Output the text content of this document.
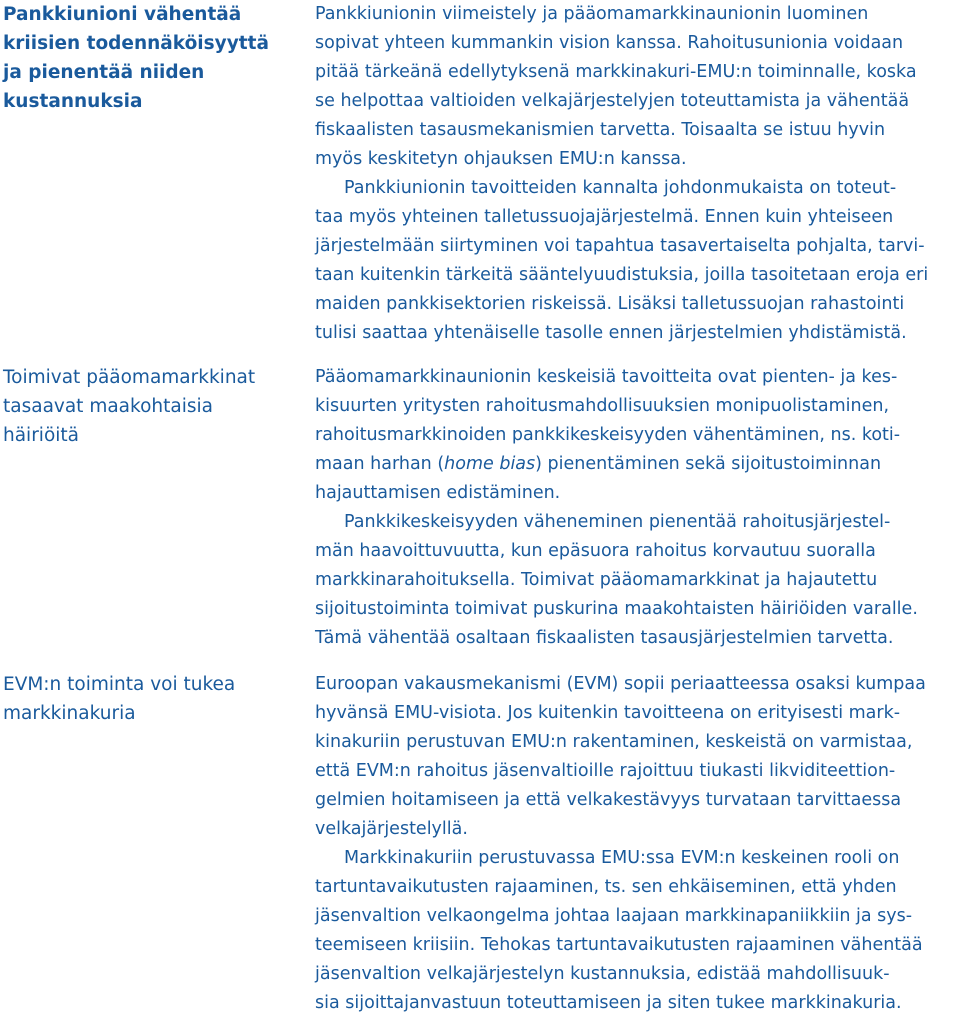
Pankkiunioni vähentää
kriisien todennäköisyyttä
ja pienentää niiden
kustannuksia

Pankkiunionin viimeistely ja pääomamarkkinaunionin luominen
sopivat yhteen kummankin vision kanssa. Rahoitusunionia voidaan
pitää tärkeänä edellytyksenä markkinakuri-EMU:n toiminnalle, koska
se helpottaa valtioiden velkajärjestelyjen toteuttamista ja vähentää
fiskaalisten tasausmekanismien tarvetta. Toisaalta se istuu hyvin
myös keskitetyn ohjauksen EMU:n kanssa.

Pankkiunionin tavoitteiden kannalta johdonmukaista on toteut-
taa myös yhteinen talletussuojajärjestelmä. Ennen kuin yhteiseen
järjestelmään siirtyminen voi tapahtua tasavertaiselta pohjalta, tarvi-
taan kuitenkin tärkeitä sääntelyuudistuksia, joilla tasoitetaan eroja eri
maiden pankkisektorien riskeissä. Lisäksi talletussuojan rahastointi
tulisi saattaa yhtenäiselle tasolle ennen järjestelmien yhdistämistä.

Toimivat pääomamarkkinat
tasaavat maakohtaisia
häiriöitä

Pääomamarkkinaunionin keskeisiä tavoitteita ovat pienten- ja kes-
kisuurten yritysten rahoitusmahdollisuuksien monipuolistaminen,
rahoitusmarkkinoiden pankkikeskeisyyden vähentäminen, ns. koti-
maan harhan (home bias) pienentäminen sekä sijoitustoiminnan
hajauttamisen edistäminen.

Pankkikeskeisyyden väheneminen pienentää rahoitusjärjestel-
män haavoittuvuutta, kun epäsuora rahoitus korvautuu suoralla
markkinarahoituksella. Toimivat pääomamarkkinat ja hajautettu
sijoitustoiminta toimivat puskurina maakohtaisten häiriöiden varalle.
Tämä vähentää osaltaan fiskaalisten tasausjärjestelmien tarvetta.

EVM:n toiminta voi tukea
markkinakuria

Euroopan vakausmekanismi (EVM) sopii periaatteessa osaksi kumpaa
hyvänsä EMU-visiota. Jos kuitenkin tavoitteena on erityisesti mark-
kinakuriin perustuvan EMU:n rakentaminen, keskeistä on varmistaa,
että EVM:n rahoitus jäsenvaltioille rajoittuu tiukasti likviditeettion-
gelmien hoitamiseen ja että velkakestävyys turvataan tarvittaessa
velkajärjestelyllä.

Markkinakuriin perustuvassa EMU:ssa EVM:n keskeinen rooli on
tartuntavaikutusten rajaaminen, ts. sen ehkäiseminen, että yhden
jäsenvaltion velkaongelma johtaa laajaan markkinapaniikkiin ja sys-
teemiseen kriisiin. Tehokas tartuntavaikutusten rajaaminen vähentää
jäsenvaltion velkajärjestelyn kustannuksia, edistää mahdollisuuk-
sia sijoittajanvastuun toteuttamiseen ja siten tukee markkinakuria.
